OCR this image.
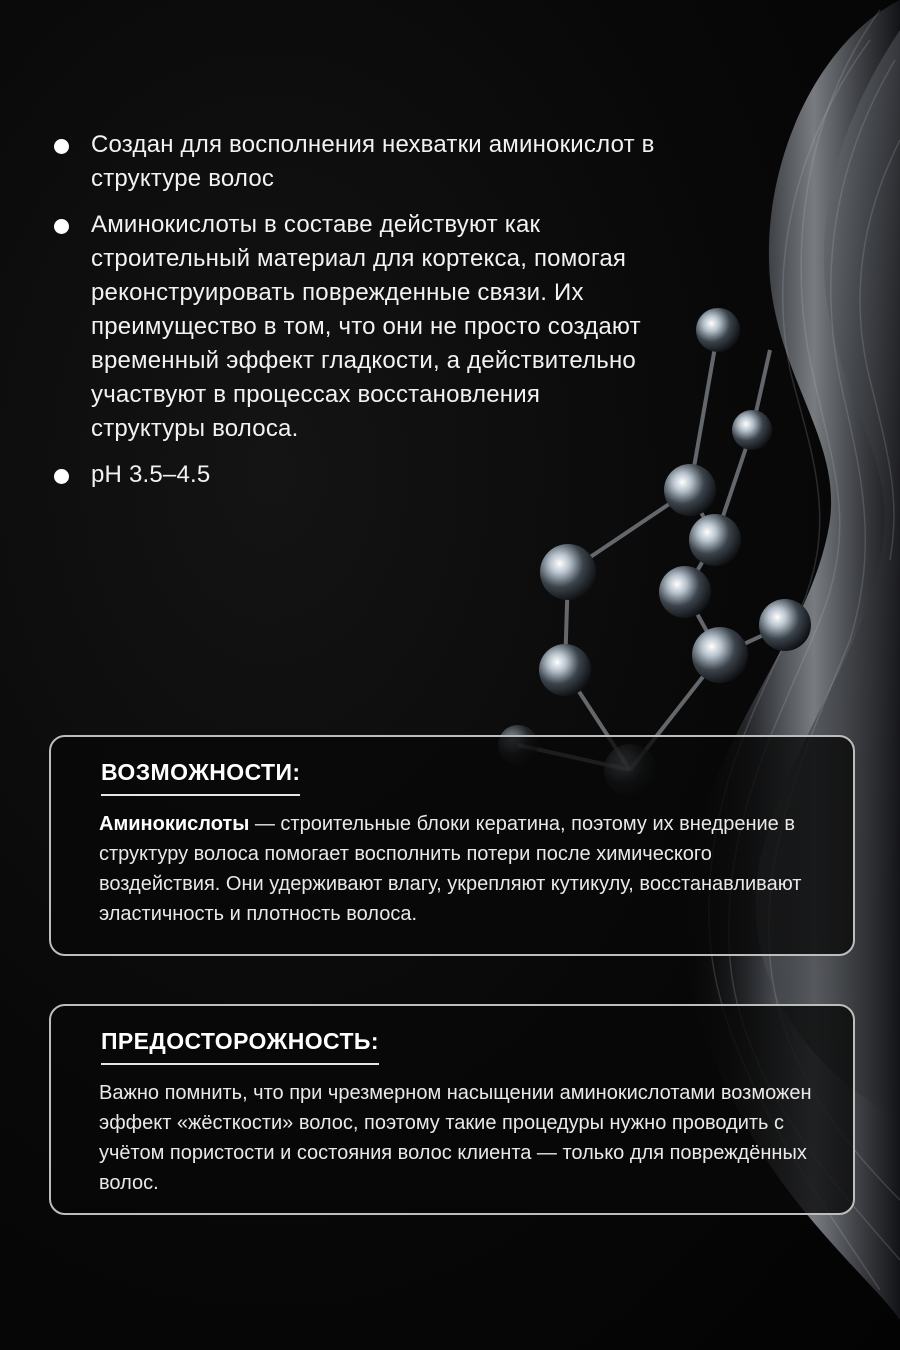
Создан для восполнения нехватки аминокислот в структуре волос
Аминокислоты в составе действуют как строительный материал для кортекса, помогая реконструировать поврежденные связи. Их преимущество в том, что они не просто создают временный эффект гладкости, а действительно участвуют в процессах восстановления структуры волоса.
pH 3.5–4.5
ВОЗМОЖНОСТИ:
Аминокислоты — строительные блоки кератина, поэтому их внедрение в структуру волоса помогает восполнить потери после химического воздействия. Они удерживают влагу, укрепляют кутикулу, восстанавливают эластичность и плотность волоса.
ПРЕДОСТОРОЖНОСТЬ:
Важно помнить, что при чрезмерном насыщении аминокислотами возможен эффект «жёсткости» волос, поэтому такие процедуры нужно проводить с учётом пористости и состояния волос клиента — только для повреждённых волос.
